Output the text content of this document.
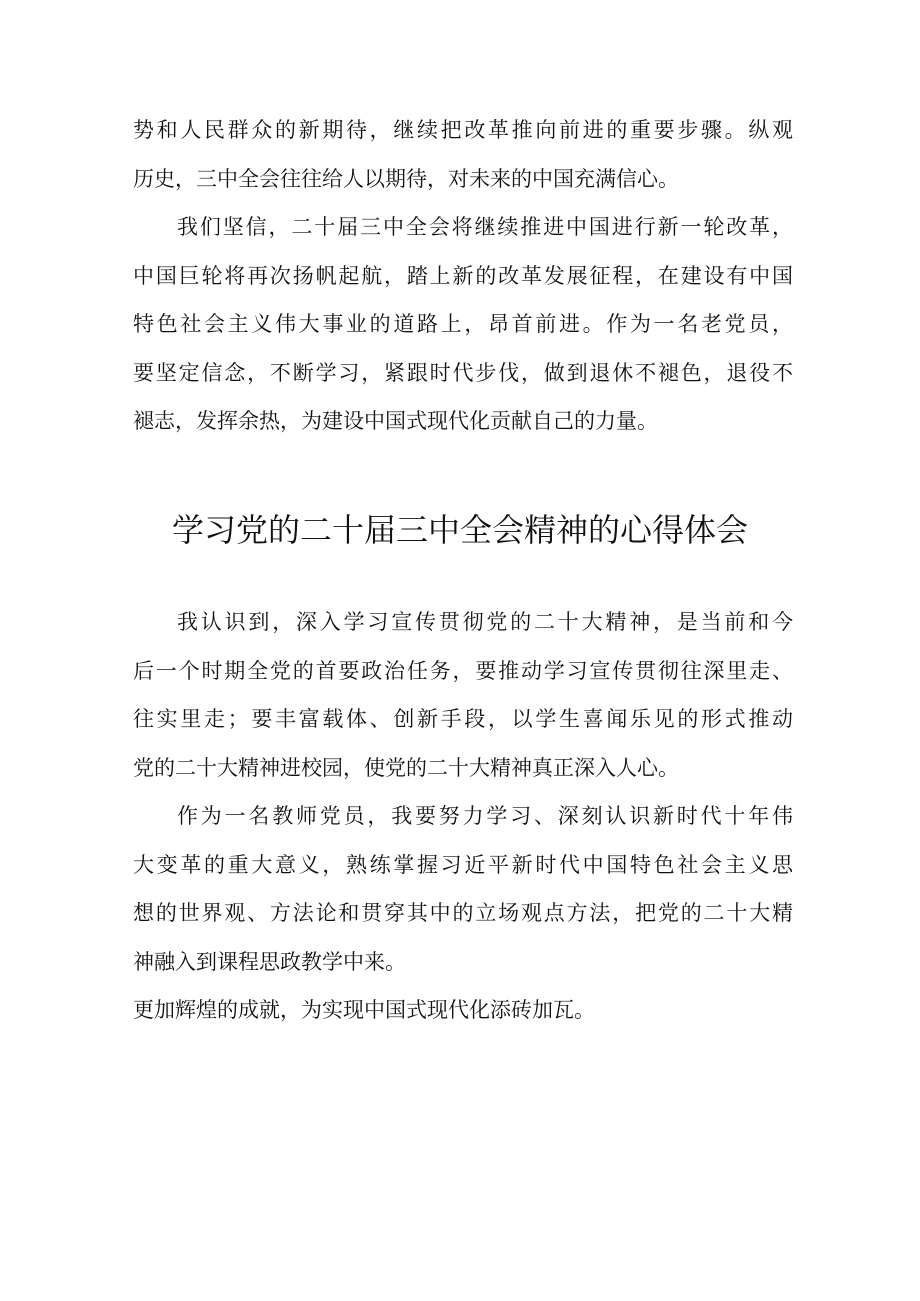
势和人民群众的新期待，继续把改革推向前进的重要步骤。纵观
历史，三中全会往往给人以期待，对未来的中国充满信心。
我们坚信，二十届三中全会将继续推进中国进行新一轮改革，
中国巨轮将再次扬帆起航，踏上新的改革发展征程，在建设有中国
特色社会主义伟大事业的道路上，昂首前进。作为一名老党员，
要坚定信念，不断学习，紧跟时代步伐，做到退休不褪色，退役不
褪志，发挥余热，为建设中国式现代化贡献自己的力量。
学习党的二十届三中全会精神的心得体会
我认识到，深入学习宣传贯彻党的二十大精神，是当前和今
后一个时期全党的首要政治任务，要推动学习宣传贯彻往深里走、
往实里走；要丰富载体、创新手段，以学生喜闻乐见的形式推动
党的二十大精神进校园，使党的二十大精神真正深入人心。
作为一名教师党员，我要努力学习、深刻认识新时代十年伟
大变革的重大意义，熟练掌握习近平新时代中国特色社会主义思
想的世界观、方法论和贯穿其中的立场观点方法，把党的二十大精
神融入到课程思政教学中来。
更加辉煌的成就，为实现中国式现代化添砖加瓦。
